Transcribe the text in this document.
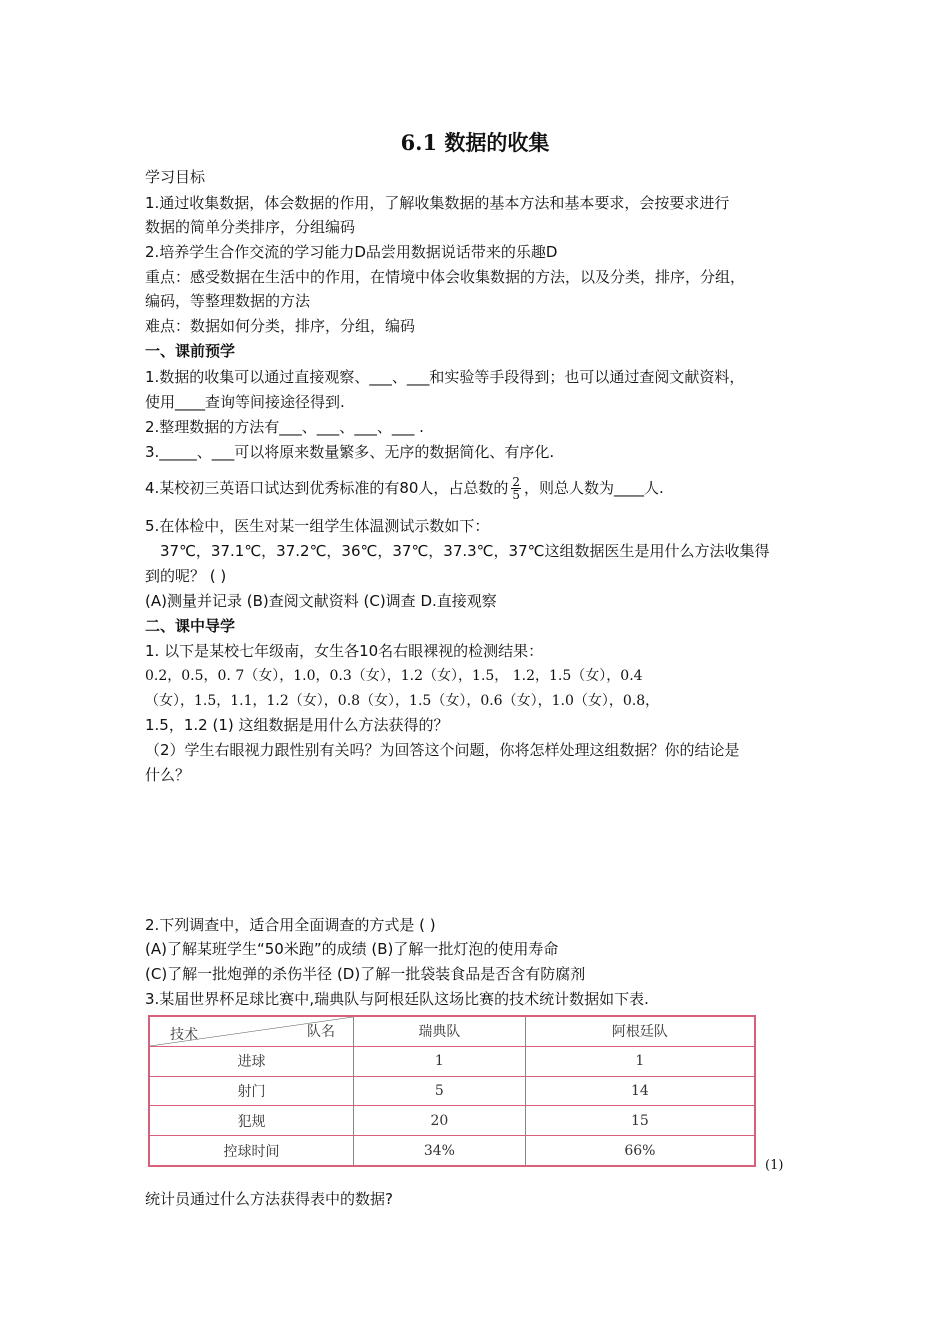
6.1 数据的收集
学习目标
1.通过收集数据，体会数据的作用，了解收集数据的基本方法和基本要求，会按要求进行
数据的简单分类排序，分组编码
2.培养学生合作交流的学习能力D品尝用数据说话带来的乐趣D
重点：感受数据在生活中的作用，在情境中体会收集数据的方法，以及分类，排序，分组，
编码，等整理数据的方法
难点：数据如何分类，排序，分组，编码
一、课前预学
1.数据的收集可以通过直接观察、___、___和实验等手段得到；也可以通过查阅文献资料，
使用____查询等间接途径得到.
2.整理数据的方法有___、___、___、___ .
3._____、___可以将原来数量繁多、无序的数据简化、有序化.
4.某校初三英语口试达到优秀标准的有80人，占总数的 $\frac{2}{5}$ ，则总人数为____人.
5.在体检中，医生对某一组学生体温测试示数如下：
37℃，37.1℃，37.2℃，36℃，37℃，37.3℃，37℃这组数据医生是用什么方法收集得
到的呢？ ( )
(A)测量并记录 (B)查阅文献资料 (C)调查 D.直接观察
二、课中导学
1. 以下是某校七年级南，女生各10名右眼裸视的检测结果：
0.2，0.5，0. 7（女），1.0，0.3（女），1.2（女），1.5， 1.2，1.5（女），0.4
（女），1.5，1.1，1.2（女），0.8（女），1.5（女），0.6（女），1.0（女），0.8，
1.5，1.2 (1) 这组数据是用什么方法获得的？
（2）学生右眼视力跟性别有关吗？为回答这个问题，你将怎样处理这组数据？你的结论是
什么？
2.下列调查中，适合用全面调查的方式是 ( )
(A)了解某班学生“50米跑”的成绩 (B)了解一批灯泡的使用寿命
(C)了解一批炮弹的杀伤半径 (D)了解一批袋装食品是否含有防腐剂
3.某届世界杯足球比赛中,瑞典队与阿根廷队这场比赛的技术统计数据如下表.
队名
技术	瑞典队	阿根廷队
进球	1	1
射门	5	14
犯规	20	15
控球时间	34%	66%
(1)
统计员通过什么方法获得表中的数据?
